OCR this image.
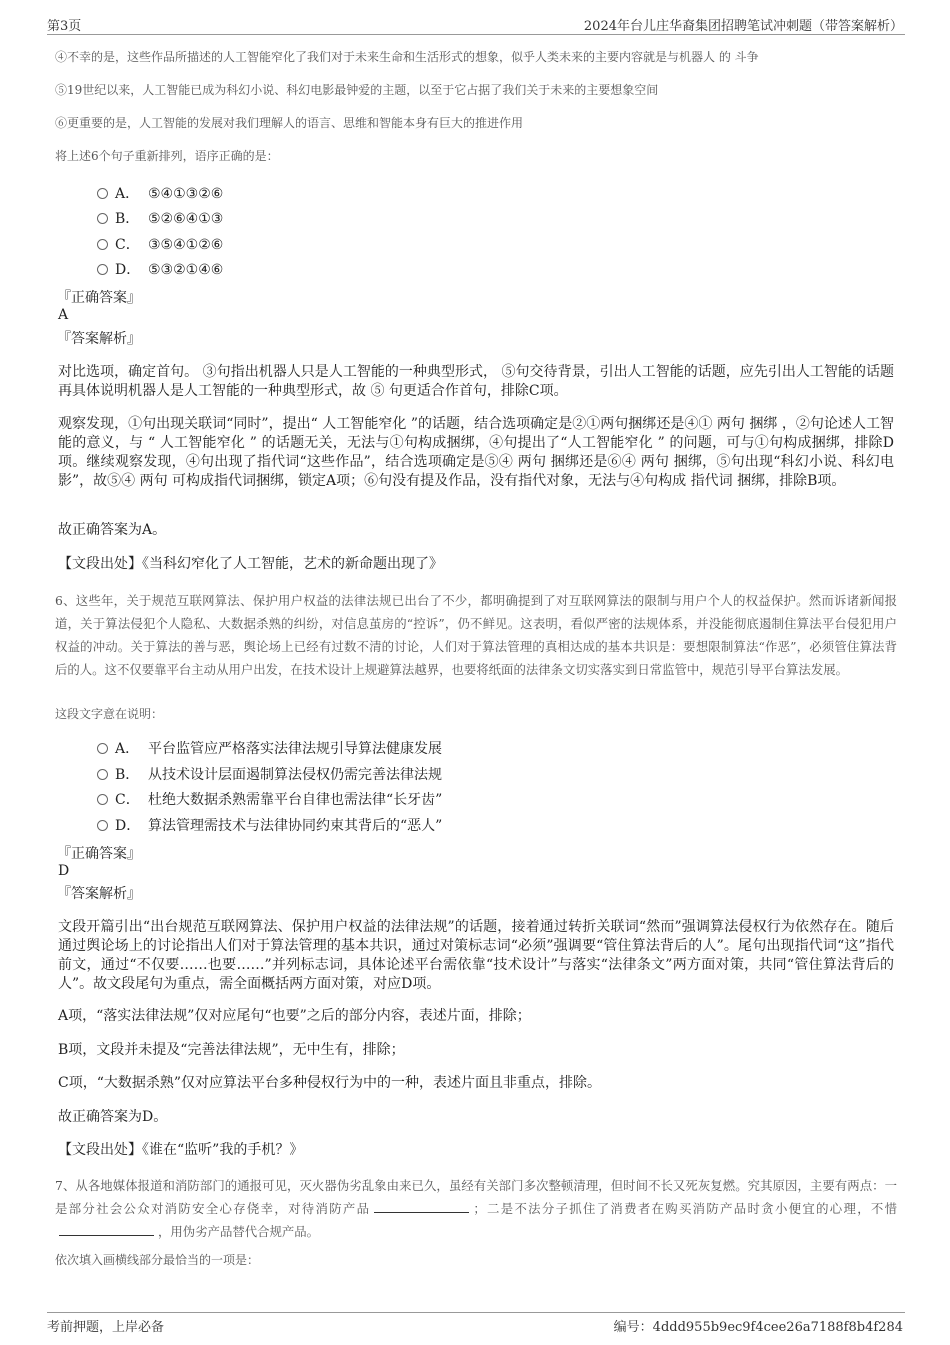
第3页	2024年台儿庄华裔集团招聘笔试冲刺题（带答案解析）
④不幸的是，这些作品所描述的人工智能窄化了我们对于未来生命和生活形式的想象，似乎人类未来的主要内容就是与机器人 的 斗争
⑤19世纪以来，人工智能已成为科幻小说、科幻电影最钟爱的主题，以至于它占据了我们关于未来的主要想象空间
⑥更重要的是，人工智能的发展对我们理解人的语言、思维和智能本身有巨大的推进作用
将上述6个句子重新排列，语序正确的是：
A． ⑤④①③②⑥
B． ⑤②⑥④①③
C． ③⑤④①②⑥
D． ⑤③②①④⑥
『正确答案』
A
『答案解析』
对比选项，确定首句。 ③句指出机器人只是人工智能的一种典型形式， ⑤句交待背景，引出人工智能的话题，应先引出人工智能的话题再具体说明机器人是人工智能的一种典型形式，故 ⑤ 句更适合作首句，排除C项。
观察发现，①句出现关联词“同时”，提出“ 人工智能窄化 ”的话题，结合选项确定是②①两句捆绑还是④① 两句 捆绑 ，②句论述人工智能的意义，与 “ 人工智能窄化 ” 的话题无关，无法与①句构成捆绑，④句提出了“人工智能窄化 ” 的问题，可与①句构成捆绑，排除D项。继续观察发现，④句出现了指代词“这些作品”，结合选项确定是⑤④ 两句 捆绑还是⑥④ 两句 捆绑，⑤句出现“科幻小说、科幻电影”，故⑤④ 两句 可构成指代词捆绑，锁定A项；⑥句没有提及作品，没有指代对象，无法与④句构成 指代词 捆绑，排除B项。
故正确答案为A。
【文段出处】《当科幻窄化了人工智能，艺术的新命题出现了》
6、这些年，关于规范互联网算法、保护用户权益的法律法规已出台了不少，都明确提到了对互联网算法的限制与用户个人的权益保护。然而诉诸新闻报道，关于算法侵犯个人隐私、大数据杀熟的纠纷，对信息茧房的“控诉”，仍不鲜见。这表明，看似严密的法规体系，并没能彻底遏制住算法平台侵犯用户权益的冲动。关于算法的善与恶，舆论场上已经有过数不清的讨论，人们对于算法管理的真相达成的基本共识是：要想限制算法“作恶”，必须管住算法背后的人。这不仅要靠平台主动从用户出发，在技术设计上规避算法越界，也要将纸面的法律条文切实落实到日常监管中，规范引导平台算法发展。
这段文字意在说明：
A． 平台监管应严格落实法律法规引导算法健康发展
B． 从技术设计层面遏制算法侵权仍需完善法律法规
C． 杜绝大数据杀熟需靠平台自律也需法律“长牙齿”
D． 算法管理需技术与法律协同约束其背后的“恶人”
『正确答案』
D
『答案解析』
文段开篇引出“出台规范互联网算法、保护用户权益的法律法规”的话题，接着通过转折关联词“然而”强调算法侵权行为依然存在。随后通过舆论场上的讨论指出人们对于算法管理的基本共识，通过对策标志词“必须”强调要“管住算法背后的人”。尾句出现指代词“这”指代前文，通过“不仅要……也要……”并列标志词，具体论述平台需依靠“技术设计”与落实“法律条文”两方面对策，共同“管住算法背后的人”。故文段尾句为重点，需全面概括两方面对策，对应D项。
A项，“落实法律法规”仅对应尾句“也要”之后的部分内容，表述片面，排除；
B项，文段并未提及“完善法律法规”，无中生有，排除；
C项，“大数据杀熟”仅对应算法平台多种侵权行为中的一种，表述片面且非重点，排除。
故正确答案为D。
【文段出处】《谁在“监听”我的手机？》
7、从各地媒体报道和消防部门的通报可见，灭火器伪劣乱象由来已久，虽经有关部门多次整顿清理，但时间不长又死灰复燃。究其原因，主要有两点：一是部分社会公众对消防安全心存侥幸，对待消防产品	；二是不法分子抓住了消费者在购买消防产品时贪小便宜的心理，不惜，用伪劣产品替代合规产品。
依次填入画横线部分最恰当的一项是：
考前押题，上岸必备	编号：4ddd955b9ec9f4cee26a7188f8b4f284
